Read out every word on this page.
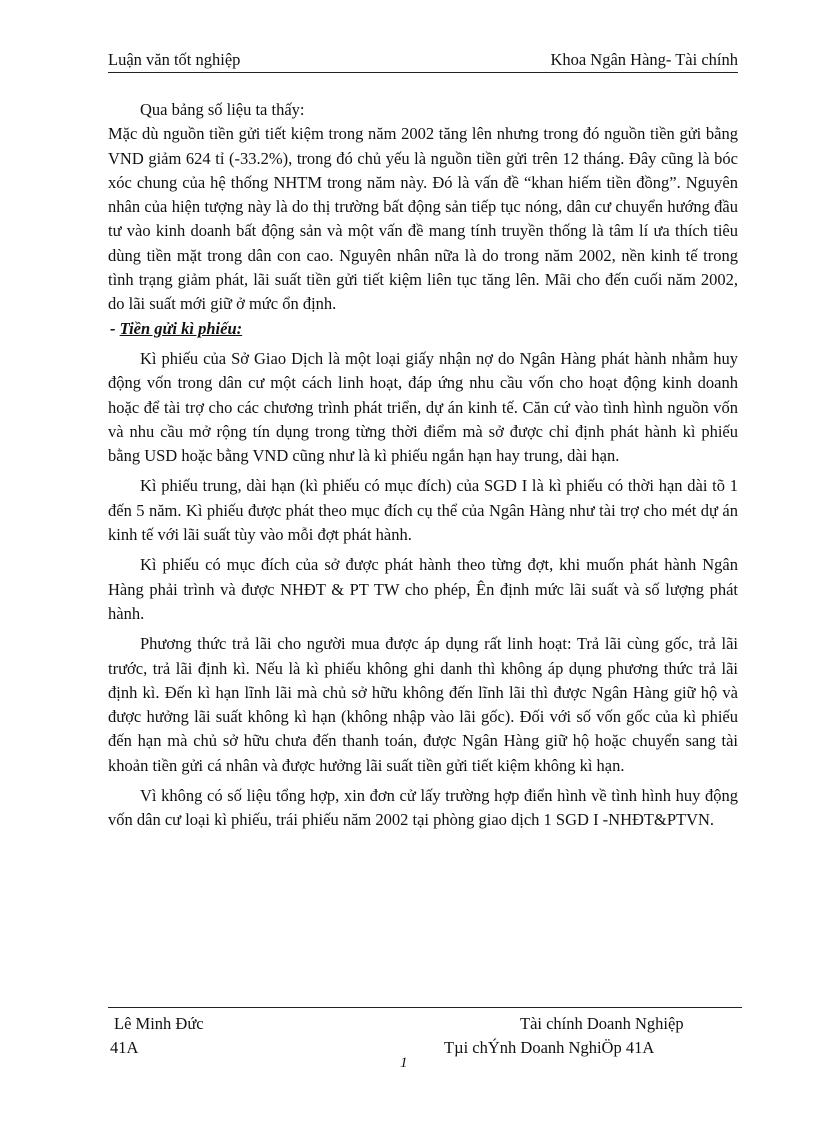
Luận văn tốt nghiệp	Khoa Ngân Hàng- Tài chính

Qua bảng số liệu ta thấy:

Mặc dù nguồn tiền gửi tiết kiệm trong năm 2002 tăng lên nhưng trong đó nguồn tiền gửi bằng VND giảm 624 tỉ (-33.2%), trong đó chủ yếu là nguồn tiền gửi trên 12 tháng. Đây cũng là bóc xóc chung của hệ thống NHTM trong năm này. Đó là vấn đề “khan hiếm tiền đồng”. Nguyên nhân của hiện tượng này là do thị trường bất động sản tiếp tục nóng, dân cư chuyển hướng đầu tư vào kinh doanh bất động sản và một vấn đề mang tính truyền thống là tâm lí ưa thích tiêu dùng tiền mặt trong dân con cao. Nguyên nhân nữa là do trong năm 2002, nền kinh tế trong tình trạng giảm phát, lãi suất tiền gửi tiết kiệm liên tục tăng lên. Mãi cho đến cuối năm 2002, do lãi suất mới giữ ở mức ổn định.

- Tiền gửi kì phiếu:

Kì phiếu của Sở Giao Dịch là một loại giấy nhận nợ do Ngân Hàng phát hành nhằm huy động vốn trong dân cư một cách linh hoạt, đáp ứng nhu cầu vốn cho hoạt động kinh doanh hoặc để tài trợ cho các chương trình phát triển, dự án kinh tế. Căn cứ vào tình hình nguồn vốn và nhu cầu mở rộng tín dụng trong từng thời điểm mà sở được chỉ định phát hành kì phiếu bằng USD hoặc bằng VND cũng như là kì phiếu ngắn hạn hay trung, dài hạn.

Kì phiếu trung, dài hạn (kì phiếu có mục đích) của SGD I là kì phiếu có thời hạn dài tõ 1 đến 5 năm. Kì phiếu được phát theo mục đích cụ thể của Ngân Hàng như tài trợ cho mét dự án kinh tế với lãi suất tùy vào mỗi đợt phát hành.

Kì phiếu có mục đích của sở được phát hành theo từng đợt, khi muốn phát hành Ngân Hàng phải trình và được NHĐT & PT TW cho phép, Ên định mức lãi suất và số lượng phát hành.

Phương thức trả lãi cho người mua được áp dụng rất linh hoạt: Trả lãi cùng gốc, trả lãi trước, trả lãi định kì. Nếu là kì phiếu không ghi danh thì không áp dụng phương thức trả lãi định kì. Đến kì hạn lĩnh lãi mà chủ sở hữu không đến lĩnh lãi thì được Ngân Hàng giữ hộ và được hưởng lãi suất không kì hạn (không nhập vào lãi gốc). Đối với số vốn gốc của kì phiếu đến hạn mà chủ sở hữu chưa đến thanh toán, được Ngân Hàng giữ hộ hoặc chuyển sang tài khoản tiền gửi cá nhân và được hưởng lãi suất tiền gửi tiết kiệm không kì hạn.

Vì không có số liệu tổng hợp, xin đơn cử lấy trường hợp điển hình về tình hình huy động vốn dân cư loại kì phiếu, trái phiếu năm 2002 tại phòng giao dịch 1 SGD I -NHĐT&PTVN.

Lê Minh Đức
41A
Tài chính Doanh Nghiệp
Tµi chÝnh Doanh NghiÖp 41A
1
